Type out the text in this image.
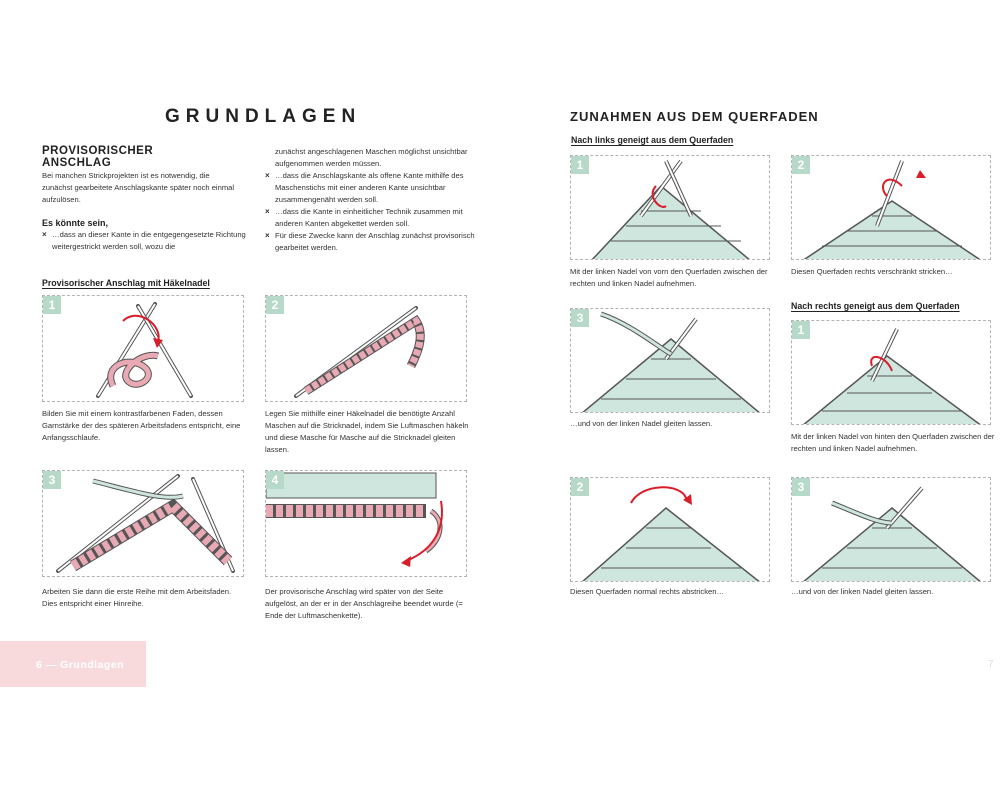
GRUNDLAGEN
PROVISORISCHER ANSCHLAG
Bei manchen Strickprojekten ist es notwendig, die zunächst gearbeitete Anschlagskante später noch einmal aufzulösen.
Es könnte sein,
× …dass an dieser Kante in die entgegengesetzte Richtung weitergestrickt werden soll, wozu die
zunächst angeschlagenen Maschen möglichst unsichtbar aufgenommen werden müssen.
× …dass die Anschlagskante als offene Kante mithilfe des Maschenstichs mit einer anderen Kante unsichtbar zusammengenäht werden soll.
× …dass die Kante in einheitlicher Technik zusammen mit anderen Kanten abgekettet werden soll.
× Für diese Zwecke kann der Anschlag zunächst provisorisch gearbeitet werden.
Provisorischer Anschlag mit Häkelnadel
1
Bilden Sie mit einem kontrastfarbenen Faden, dessen Garnstärke der des späteren Arbeitsfadens entspricht, eine Anfangsschlaufe.
2
Legen Sie mithilfe einer Häkelnadel die benötigte Anzahl Maschen auf die Stricknadel, indem Sie Luftmaschen häkeln und diese Masche für Masche auf die Stricknadel gleiten lassen.
3
Arbeiten Sie dann die erste Reihe mit dem Arbeitsfaden. Dies entspricht einer Hinreihe.
4
Der provisorische Anschlag wird später von der Seite aufgelöst, an der er in der Anschlagreihe beendet wurde (= Ende der Luftmaschenkette).
6 — Grundlagen
ZUNAHMEN AUS DEM QUERFADEN
Nach links geneigt aus dem Querfaden
Nach rechts geneigt aus dem Querfaden
1
Mit der linken Nadel von vorn den Querfaden zwischen der rechten und linken Nadel aufnehmen.
2
Diesen Querfaden rechts verschränkt stricken…
3
…und von der linken Nadel gleiten lassen.
1
Mit der linken Nadel von hinten den Querfaden zwischen der rechten und linken Nadel aufnehmen.
2
Diesen Querfaden normal rechts abstricken…
3
…und von der linken Nadel gleiten lassen.
7
